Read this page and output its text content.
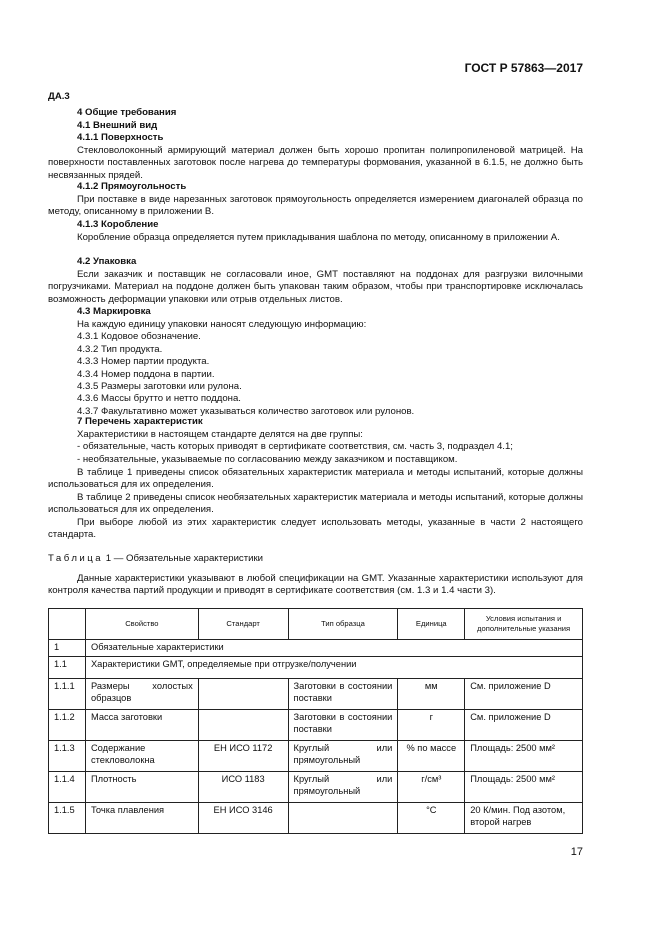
ГОСТ Р 57863—2017
ДА.3
4 Общие требования
4.1 Внешний вид
4.1.1 Поверхность
Стекловолоконный армирующий материал должен быть хорошо пропитан полипропиленовой матрицей. На поверхности поставленных заготовок после нагрева до температуры формования, указанной в 6.1.5, не должно быть несвязанных прядей.
4.1.2 Прямоугольность
При поставке в виде нарезанных заготовок прямоугольность определяется измерением диагоналей образца по методу, описанному в приложении В.
4.1.3 Коробление
Коробление образца определяется путем прикладывания шаблона по методу, описанному в приложении А.
4.2 Упаковка
Если заказчик и поставщик не согласовали иное, GMT поставляют на поддонах для разгрузки вилочными погрузчиками. Материал на поддоне должен быть упакован таким образом, чтобы при транспортировке исключалась возможность деформации упаковки или отрыв отдельных листов.
4.3 Маркировка
На каждую единицу упаковки наносят следующую информацию:
4.3.1 Кодовое обозначение.
4.3.2 Тип продукта.
4.3.3 Номер партии продукта.
4.3.4 Номер поддона в партии.
4.3.5 Размеры заготовки или рулона.
4.3.6 Массы брутто и нетто поддона.
4.3.7 Факультативно может указываться количество заготовок или рулонов.
7 Перечень характеристик
Характеристики в настоящем стандарте делятся на две группы:
- обязательные, часть которых приводят в сертификате соответствия, см. часть 3, подраздел 4.1;
- необязательные, указываемые по согласованию между заказчиком и поставщиком.
В таблице 1 приведены список обязательных характеристик материала и методы испытаний, которые должны использоваться для их определения.
В таблице 2 приведены список необязательных характеристик материала и методы испытаний, которые должны использоваться для их определения.
При выборе любой из этих характеристик следует использовать методы, указанные в части 2 настоящего стандарта.
Таблица 1 — Обязательные характеристики
Данные характеристики указывают в любой спецификации на GMT. Указанные характеристики используют для контроля качества партий продукции и приводят в сертификате соответствия (см. 1.3 и 1.4 части 3).
	Свойство	Стандарт	Тип образца	Единица	Условия испытания и дополнительные указания
1	Обязательные характеристики				
1.1	Характеристики GMT, определяемые при отгрузке/получении				
1.1.1	Размеры холостых образцов		Заготовки в состоянии поставки	мм	См. приложение D
1.1.2	Масса заготовки		Заготовки в состоянии поставки	г	См. приложение D
1.1.3	Содержание стекловолокна	ЕН ИСО 1172	Круглый или прямоугольный	% по массе	Площадь: 2500 мм²
1.1.4	Плотность	ИСО 1183	Круглый или прямоугольный	г/см³	Площадь: 2500 мм²
1.1.5	Точка плавления	ЕН ИСО 3146		°C	20 К/мин. Под азотом, второй нагрев
17
